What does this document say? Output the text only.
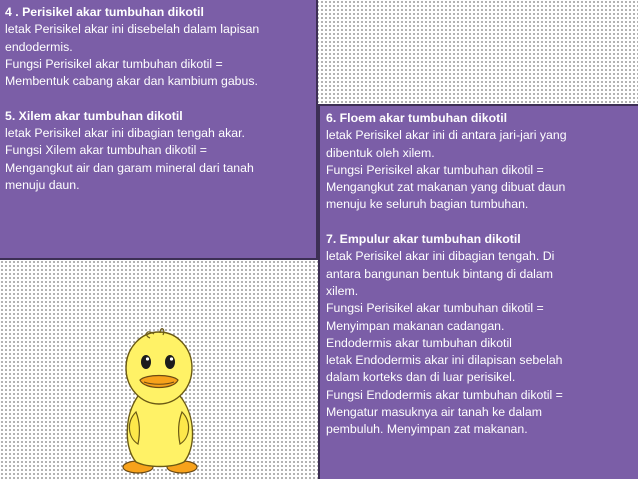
4 . Perisikel akar tumbuhan dikotil
letak Perisikel akar ini disebelah dalam lapisan
endodermis.
Fungsi Perisikel akar tumbuhan dikotil =
Membentuk cabang akar dan kambium gabus.
5. Xilem akar tumbuhan dikotil
letak Perisikel akar ini dibagian tengah akar.
Fungsi Xilem akar tumbuhan dikotil =
Mengangkut air dan garam mineral dari tanah
menuju daun.
6. Floem akar tumbuhan dikotil
letak Perisikel akar ini di antara jari-jari yang
dibentuk oleh xilem.
Fungsi Perisikel akar tumbuhan dikotil =
Mengangkut zat makanan yang dibuat daun
menuju ke seluruh bagian tumbuhan.
7. Empulur akar tumbuhan dikotil
letak Perisikel akar ini dibagian tengah. Di
antara bangunan bentuk bintang di dalam
xilem.
Fungsi Perisikel akar tumbuhan dikotil =
Menyimpan makanan cadangan.
Endodermis akar tumbuhan dikotil
letak Endodermis akar ini dilapisan sebelah
dalam korteks dan di luar perisikel.
Fungsi Endodermis akar tumbuhan dikotil =
Mengatur masuknya air tanah ke dalam
pembuluh. Menyimpan zat makanan.
